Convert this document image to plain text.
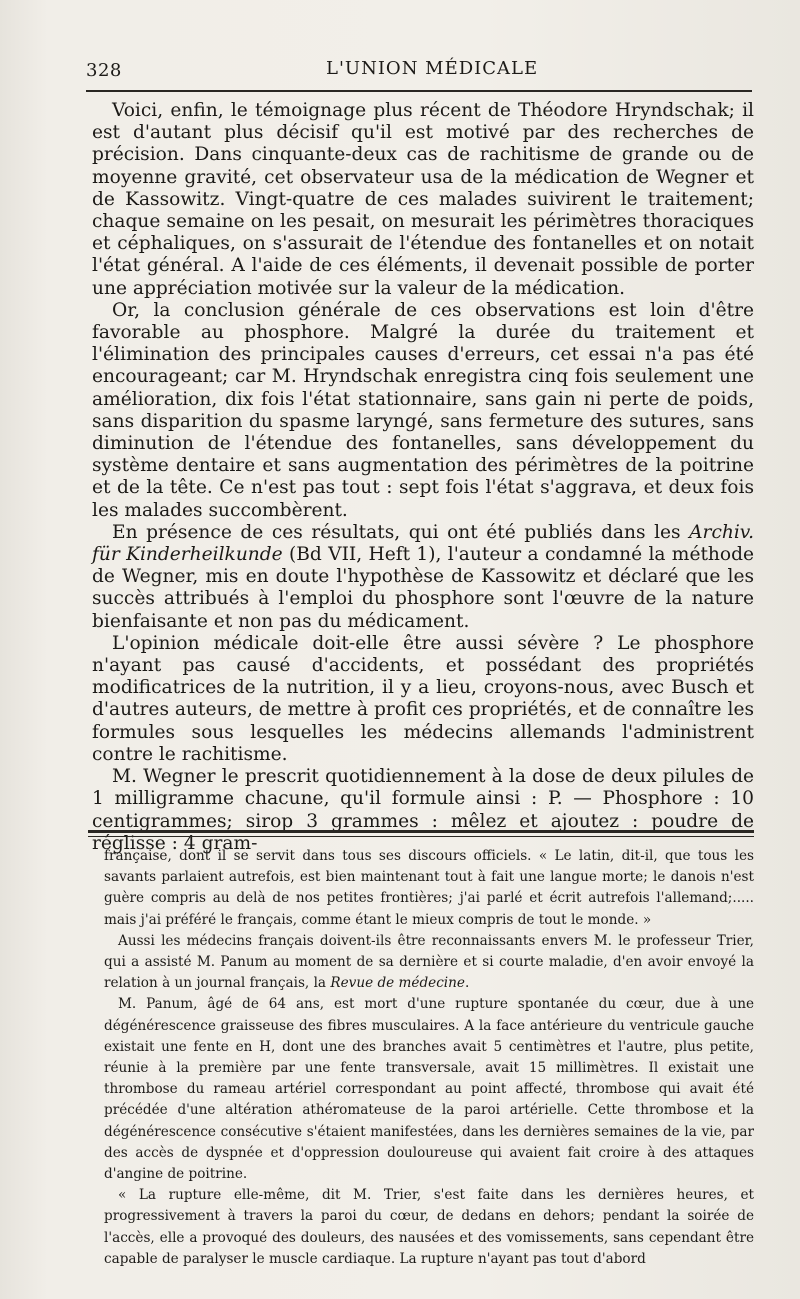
328	L'UNION MÉDICALE

Voici, enfin, le témoignage plus récent de Théodore Hryndschak; il est d'autant plus décisif qu'il est motivé par des recherches de précision. Dans cinquante-deux cas de rachitisme de grande ou de moyenne gravité, cet observateur usa de la médication de Wegner et de Kassowitz. Vingt-quatre de ces malades suivirent le traitement; chaque semaine on les pesait, on mesurait les périmètres thoraciques et céphaliques, on s'assurait de l'étendue des fontanelles et on notait l'état général. A l'aide de ces éléments, il devenait possible de porter une appréciation motivée sur la valeur de la médication.

Or, la conclusion générale de ces observations est loin d'être favorable au phosphore. Malgré la durée du traitement et l'élimination des principales causes d'erreurs, cet essai n'a pas été encourageant; car M. Hryndschak enregistra cinq fois seulement une amélioration, dix fois l'état stationnaire, sans gain ni perte de poids, sans disparition du spasme laryngé, sans fermeture des sutures, sans diminution de l'étendue des fontanelles, sans développement du système dentaire et sans augmentation des périmètres de la poitrine et de la tête. Ce n'est pas tout : sept fois l'état s'aggrava, et deux fois les malades succombèrent.

En présence de ces résultats, qui ont été publiés dans les Archiv. für Kinderheilkunde (Bd VII, Heft 1), l'auteur a condamné la méthode de Wegner, mis en doute l'hypothèse de Kassowitz et déclaré que les succès attribués à l'emploi du phosphore sont l'œuvre de la nature bienfaisante et non pas du médicament.

L'opinion médicale doit-elle être aussi sévère ? Le phosphore n'ayant pas causé d'accidents, et possédant des propriétés modificatrices de la nutrition, il y a lieu, croyons-nous, avec Busch et d'autres auteurs, de mettre à profit ces propriétés, et de connaître les formules sous lesquelles les médecins allemands l'administrent contre le rachitisme.

M. Wegner le prescrit quotidiennement à la dose de deux pilules de 1 milligramme chacune, qu'il formule ainsi : P. — Phosphore : 10 centigrammes; sirop 3 grammes : mêlez et ajoutez : poudre de réglisse : 4 gram-

française, dont il se servit dans tous ses discours officiels. « Le latin, dit-il, que tous les savants parlaient autrefois, est bien maintenant tout à fait une langue morte; le danois n'est guère compris au delà de nos petites frontières; j'ai parlé et écrit autrefois l'allemand;..... mais j'ai préféré le français, comme étant le mieux compris de tout le monde. »

Aussi les médecins français doivent-ils être reconnaissants envers M. le professeur Trier, qui a assisté M. Panum au moment de sa dernière et si courte maladie, d'en avoir envoyé la relation à un journal français, la Revue de médecine.

M. Panum, âgé de 64 ans, est mort d'une rupture spontanée du cœur, due à une dégénérescence graisseuse des fibres musculaires. A la face antérieure du ventricule gauche existait une fente en H, dont une des branches avait 5 centimètres et l'autre, plus petite, réunie à la première par une fente transversale, avait 15 millimètres. Il existait une thrombose du rameau artériel correspondant au point affecté, thrombose qui avait été précédée d'une altération athéromateuse de la paroi artérielle. Cette thrombose et la dégénérescence consécutive s'étaient manifestées, dans les dernières semaines de la vie, par des accès de dyspnée et d'oppression douloureuse qui avaient fait croire à des attaques d'angine de poitrine.

« La rupture elle-même, dit M. Trier, s'est faite dans les dernières heures, et progressivement à travers la paroi du cœur, de dedans en dehors; pendant la soirée de l'accès, elle a provoqué des douleurs, des nausées et des vomissements, sans cependant être capable de paralyser le muscle cardiaque. La rupture n'ayant pas tout d'abord
